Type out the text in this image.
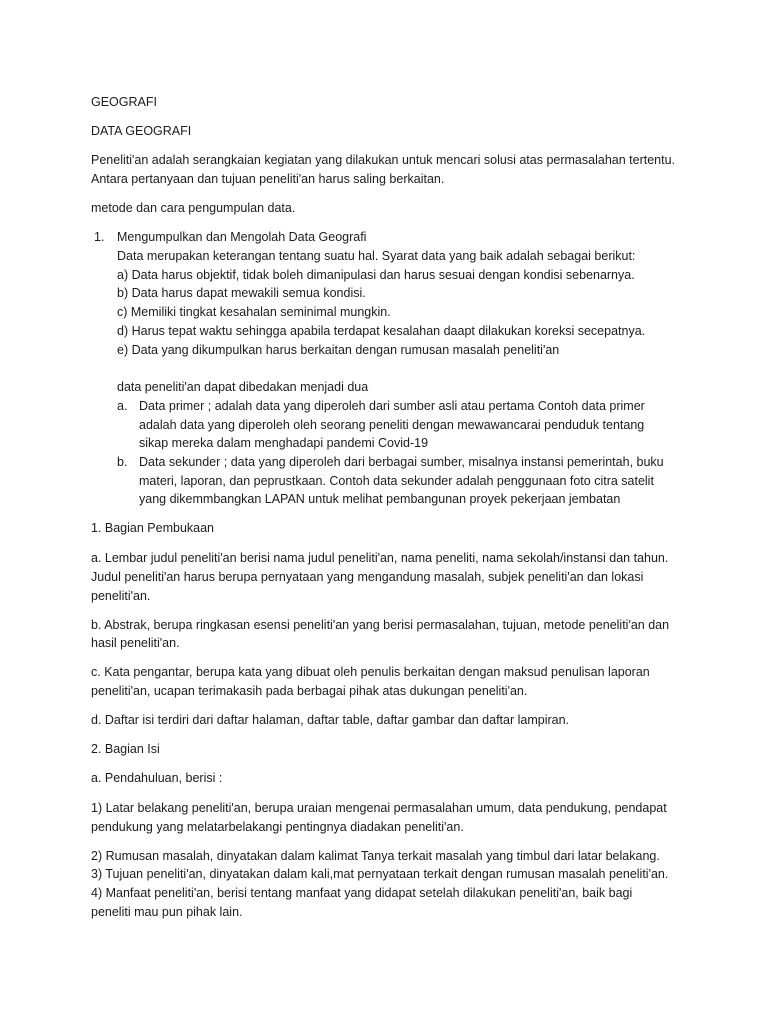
GEOGRAFI
DATA GEOGRAFI
Peneliti'an adalah serangkaian kegiatan yang dilakukan untuk mencari solusi atas permasalahan tertentu.
Antara pertanyaan dan tujuan peneliti'an harus saling berkaitan.
metode dan cara pengumpulan data.
1. Mengumpulkan dan Mengolah Data Geografi
Data merupakan keterangan tentang suatu hal. Syarat data yang baik adalah sebagai berikut:
a) Data harus objektif, tidak boleh dimanipulasi dan harus sesuai dengan kondisi sebenarnya.
b) Data harus dapat mewakili semua kondisi.
c) Memiliki tingkat kesahalan seminimal mungkin.
d) Harus tepat waktu sehingga apabila terdapat kesalahan daapt dilakukan koreksi secepatnya.
e) Data yang dikumpulkan harus berkaitan dengan rumusan masalah peneliti'an
data peneliti'an dapat dibedakan menjadi dua
a. Data primer ; adalah data yang diperoleh dari sumber asli atau pertama Contoh data primer
adalah data yang diperoleh oleh seorang peneliti dengan mewawancarai penduduk tentang
sikap mereka dalam menghadapi pandemi Covid-19
b. Data sekunder ; data yang diperoleh dari berbagai sumber, misalnya instansi pemerintah, buku
materi, laporan, dan peprustkaan. Contoh data sekunder adalah penggunaan foto citra satelit
yang dikemmbangkan LAPAN untuk melihat pembangunan proyek pekerjaan jembatan
1. Bagian Pembukaan
a. Lembar judul peneliti'an berisi nama judul peneliti'an, nama peneliti, nama sekolah/instansi dan tahun.
Judul peneliti'an harus berupa pernyataan yang mengandung masalah, subjek peneliti'an dan lokasi
peneliti'an.
b. Abstrak, berupa ringkasan esensi peneliti'an yang berisi permasalahan, tujuan, metode peneliti'an dan
hasil peneliti'an.
c. Kata pengantar, berupa kata yang dibuat oleh penulis berkaitan dengan maksud penulisan laporan
peneliti'an, ucapan terimakasih pada berbagai pihak atas dukungan peneliti'an.
d. Daftar isi terdiri dari daftar halaman, daftar table, daftar gambar dan daftar lampiran.
2. Bagian Isi
a. Pendahuluan, berisi :
1) Latar belakang peneliti'an, berupa uraian mengenai permasalahan umum, data pendukung, pendapat
pendukung yang melatarbelakangi pentingnya diadakan peneliti'an.
2) Rumusan masalah, dinyatakan dalam kalimat Tanya terkait masalah yang timbul dari latar belakang.
3) Tujuan peneliti'an, dinyatakan dalam kali,mat pernyataan terkait dengan rumusan masalah peneliti'an.
4) Manfaat peneliti'an, berisi tentang manfaat yang didapat setelah dilakukan peneliti'an, baik bagi
peneliti mau pun pihak lain.
